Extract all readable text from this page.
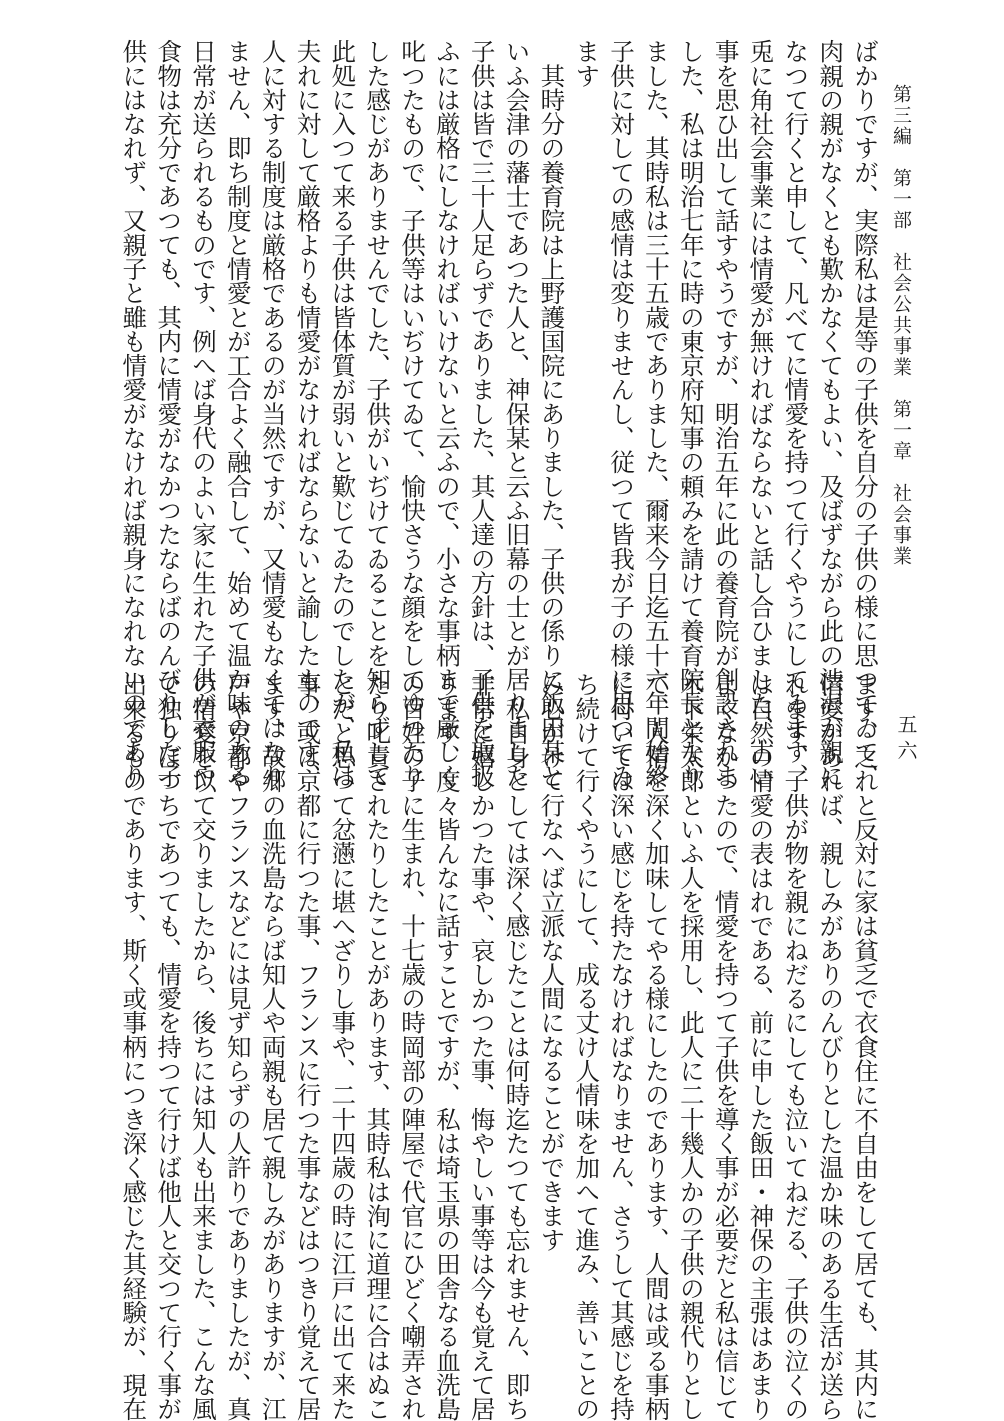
第三編　第一部　社会公共事業　第一章　社会事業
五六
ばかりですが、実際私は是等の子供を自分の子供の様に思つてゐて、
肉親の親がなくとも歎かなくてもよい、及ばずながら此の渋沢が親に
なつて行くと申して、凡べてに情愛を持つて行くやうにしてゐます、
兎に角社会事業には情愛が無ければならないと話し合ひました、古い
事を思ひ出して話すやうですが、明治五年に此の養育院が創設されま
した、私は明治七年に時の東京府知事の頼みを請けて養育院長となり
ました、其時私は三十五歳でありました、爾来今日迄五十六年間始終
子供に対しての感情は変りませんし、従つて皆我が子の様に思つてゐ
ます
　其時分の養育院は上野護国院にありました、子供の係りに飯田某と
いふ会津の藩士であつた人と、神保某と云ふ旧幕の士とが居りました
子供は皆で三十人足らずでありました、其人達の方針は、子供を取扱
ふには厳格にしなければいけないと云ふので、小さな事柄まで厳しく
叱つたもので、子供等はいぢけてゐて、愉快さうな顔をしてゆつたり
した感じがありませんでした、子供がいぢけてゐることを知らずして
此処に入つて来る子供は皆体質が弱いと歎じてゐたのでしたが、私は
夫れに対して厳格よりも情愛がなければならないと諭したものです、
人に対する制度は厳格であるのが当然ですが、又情愛もなくてはなり
ません、即ち制度と情愛とが工合よく融合して、始めて温か味のある
日常が送られるものです、例へば身代のよい家に生れた子供が衣服や
食物は充分であつても、其内に情愛がなかつたならばのんびりした子
供にはなれず、又親子と雖も情愛がなければ親身になれないのであり
ます、之れと反対に家は貧乏で衣食住に不自由をして居ても、其内に
情愛があれば、親しみがありのんびりとした温か味のある生活が送ら
れます、子供が物を親にねだるにしても泣いてねだる、子供の泣くの
は自然の情愛の表はれである、前に申した飯田・神保の主張はあまり
よくなかつたので、情愛を持つて子供を導く事が必要だと私は信じて
木下栄太郎といふ人を採用し、此人に二十幾人かの子供の親代りとし
て、人情を深く加味してやる様にしたのであります、人間は或る事柄
に付いては深い感じを持たなければなりません、さうして其感じを持
ち続けて行くやうにして、成る丈け人情味を加へて進み、善いことの
み心がけて行なへば立派な人間になることができます
　私自身としては深く感じたことは何時迄たつても忘れません、即ち
非常に嬉しかつた事や、哀しかつた事、悔やしい事等は今も覚えて居
ります、度々皆んなに話すことですが、私は埼玉県の田舎なる血洗島
の百姓の子に生まれ、十七歳の時岡部の陣屋で代官にひどく嘲弄され
たり叱責されたりしたことがあります、其時私は洵に道理に合はぬこ
とだと思つて忿懣に堪へざりし事や、二十四歳の時に江戸に出て来た
事、或は京都に行つた事、フランスに行つた事などはつきり覚えて居
ます、故郷の血洗島ならば知人や両親も居て親しみがありますが、江
戸や京都やフランスなどには見ず知らずの人許りでありましたが、真
の情愛を以て交りましたから、後ちには知人も出来ました、こんな風
で独りぼつちであつても、情愛を持つて行けば他人と交つて行く事が
出来るものであります、斯く或事柄につき深く感じた其経験が、現在
